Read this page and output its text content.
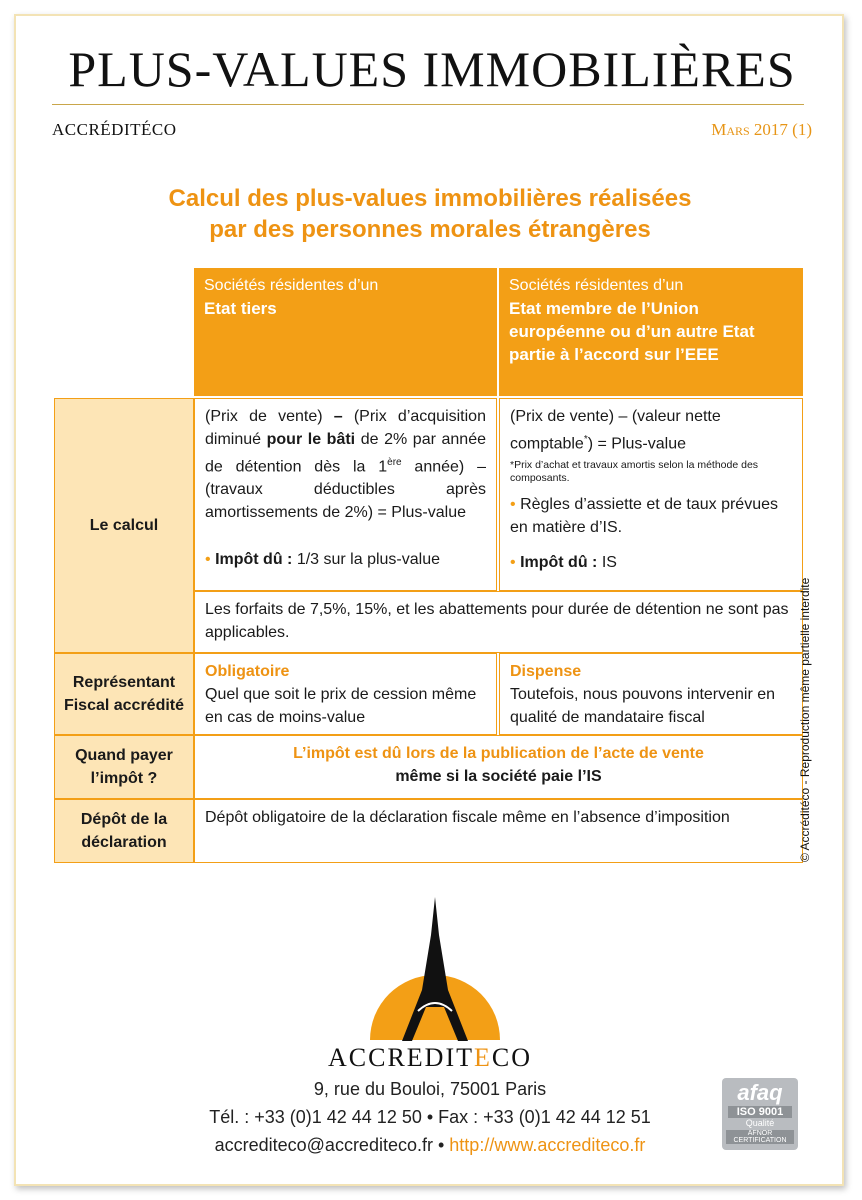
PLUS-VALUES IMMOBILIÈRES
ACCRÉDITÉCO	Mars 2017 (1)
Calcul des plus-values immobilières réalisées
par des personnes morales étrangères
Sociétés résidentes d’un
Etat tiers
Sociétés résidentes d’un
Etat membre de l’Union européenne ou d’un autre Etat partie à l’accord sur l’EEE
Le calcul
(Prix de vente) – (Prix d’acquisition diminué pour le bâti de 2% par année de détention dès la 1ère année) – (travaux déductibles après amortissements de 2%) = Plus-value
• Impôt dû : 1/3 sur la plus-value
(Prix de vente) – (valeur nette comptable*) = Plus-value
*Prix d’achat et travaux amortis selon la méthode des composants.
• Règles d’assiette et de taux prévues en matière d’IS.
• Impôt dû : IS
Les forfaits de 7,5%, 15%, et les abattements pour durée de détention ne sont pas applicables.
Représentant Fiscal accrédité
Obligatoire
Quel que soit le prix de cession même en cas de moins-value
Dispense
Toutefois, nous pouvons intervenir en qualité de mandataire fiscal
Quand payer l’impôt ?
L’impôt est dû lors de la publication de l’acte de vente
même si la société paie l’IS
Dépôt de la déclaration
Dépôt obligatoire de la déclaration fiscale même en l’absence d’imposition	© Accréditéco - Reproduction même partielle interdite
ACCREDITECO
9, rue du Bouloi, 75001 Paris
Tél. : +33 (0)1 42 44 12 50 • Fax : +33 (0)1 42 44 12 51
accrediteco@accrediteco.fr • http://www.accrediteco.fr
afaq
ISO 9001
Qualité
AFNOR CERTIFICATION
